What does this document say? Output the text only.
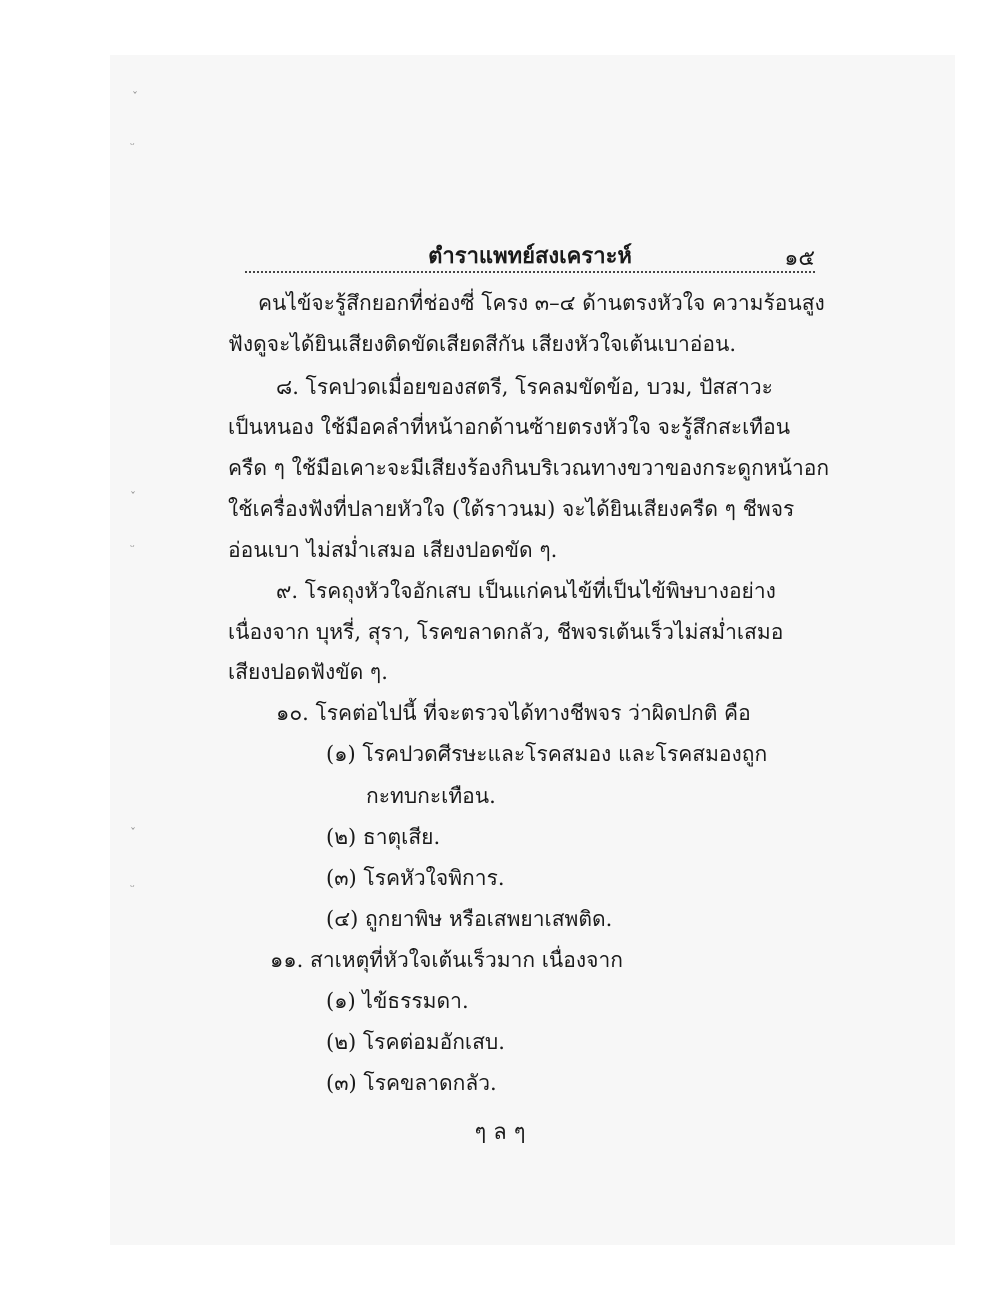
ˇ
ᵕ
ˇ
ᵕ
ˇ
ᵕ
ตำราแพทย์สงเคราะห์	๑๕
คนไข้จะรู้สึกยอกที่ช่องซี่ โครง ๓–๔ ด้านตรงหัวใจ ความร้อนสูง
ฟังดูจะได้ยินเสียงติดขัดเสียดสีกัน เสียงหัวใจเต้นเบาอ่อน.
๘. โรคปวดเมื่อยของสตรี, โรคลมขัดข้อ, บวม, ปัสสาวะ
เป็นหนอง ใช้มือคลำที่หน้าอกด้านซ้ายตรงหัวใจ จะรู้สึกสะเทือน
ครืด ๆ ใช้มือเคาะจะมีเสียงร้องกินบริเวณทางขวาของกระดูกหน้าอก
ใช้เครื่องฟังที่ปลายหัวใจ (ใต้ราวนม) จะได้ยินเสียงครืด ๆ ชีพจร
อ่อนเบา ไม่สม่ำเสมอ เสียงปอดขัด ๆ.
๙. โรคถุงหัวใจอักเสบ เป็นแก่คนไข้ที่เป็นไข้พิษบางอย่าง
เนื่องจาก บุหรี่, สุรา, โรคขลาดกลัว, ชีพจรเต้นเร็วไม่สม่ำเสมอ
เสียงปอดฟังขัด ๆ.
๑๐. โรคต่อไปนี้ ที่จะตรวจได้ทางชีพจร ว่าผิดปกติ คือ
(๑) โรคปวดศีรษะและโรคสมอง และโรคสมองถูก
กะทบกะเทือน.
(๒) ธาตุเสีย.
(๓) โรคหัวใจพิการ.
(๔) ถูกยาพิษ หรือเสพยาเสพติด.
๑๑. สาเหตุที่หัวใจเต้นเร็วมาก เนื่องจาก
(๑) ไข้ธรรมดา.
(๒) โรคต่อมอักเสบ.
(๓) โรคขลาดกลัว.
ๆ ล ๆ
